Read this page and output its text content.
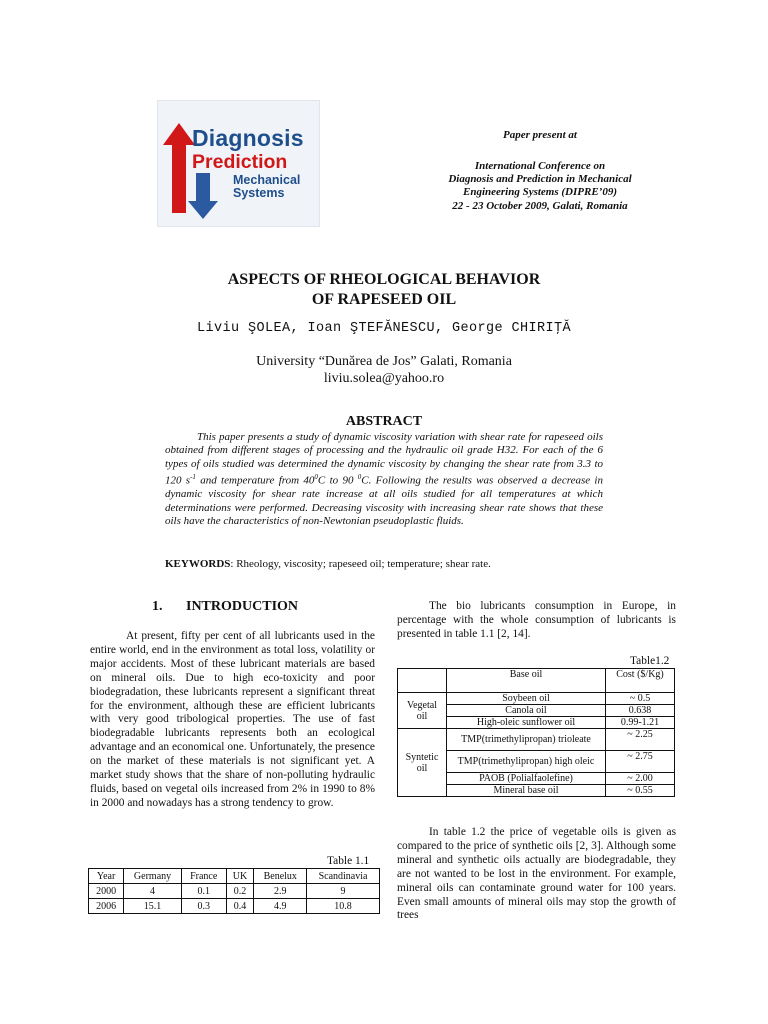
Diagnosis
Prediction
Mechanical
Systems
Paper present at
International Conference on
Diagnosis and Prediction in Mechanical
Engineering Systems (DIPRE’09)
22 - 23 October 2009, Galati, Romania
ASPECTS OF RHEOLOGICAL BEHAVIOR
OF RAPESEED OIL
Liviu ŞOLEA, Ioan ŞTEFĂNESCU, George CHIRIŢĂ
University “Dunărea de Jos” Galati, Romania
liviu.solea@yahoo.ro
ABSTRACT

This paper presents a study of dynamic viscosity variation with shear rate for rapeseed oils obtained from different stages of processing and the hydraulic oil grade H32. For each of the 6 types of oils studied was determined the dynamic viscosity by changing the shear rate from 3.3 to 120 $s^{-1}$ and temperature from $40^0C$ to 90 $^0$C. Following the results was observed a decrease in dynamic viscosity for shear rate increase at all oils studied for all temperatures at which determinations were performed. Decreasing viscosity with increasing shear rate shows that these oils have the characteristics of non-Newtonian pseudoplastic fluids.

KEYWORDS: Rheology, viscosity; rapeseed oil; temperature; shear rate.
1. INTRODUCTION

At present, fifty per cent of all lubricants used in the entire world, end in the environment as total loss, volatility or major accidents. Most of these lubricant materials are based on mineral oils. Due to high eco-toxicity and poor biodegradation, these lubricants represent a significant threat for the environment, although these are efficient lubricants with very good tribological properties. The use of fast biodegradable lubricants represents both an ecological advantage and an economical one. Unfortunately, the presence on the market of these materials is not significant yet. A market study shows that the share of non-polluting hydraulic fluids, based on vegetal oils increased from 2% in 1990 to 8% in 2000 and nowadays has a strong tendency to grow.

The bio lubricants consumption in Europe, in percentage with the whole consumption of lubricants is presented in table 1.1 [2, 14].

Table1.2
	Base oil	Cost ($/Kg)
Vegetal oil	Soybeen oil	~ 0.5
	Canola oil	0.638
	High-oleic sunflower oil	0.99-1.21
Syntetic oil	TMP(trimethylipropan) trioleate	~ 2.25
	TMP(trimethylipropan) high oleic	~ 2.75
	PAOB (Polialfaolefine)	~ 2.00
	Mineral base oil	~ 0.55

In table 1.2 the price of vegetable oils is given as compared to the price of synthetic oils [2, 3]. Although some mineral and synthetic oils actually are biodegradable, they are not wanted to be lost in the environment. For example, mineral oils can contaminate ground water for 100 years. Even small amounts of mineral oils may stop the growth of trees

Table 1.1
Year	Germany	France	UK	Benelux	Scandinavia
2000	4	0.1	0.2	2.9	9
2006	15.1	0.3	0.4	4.9	10.8
